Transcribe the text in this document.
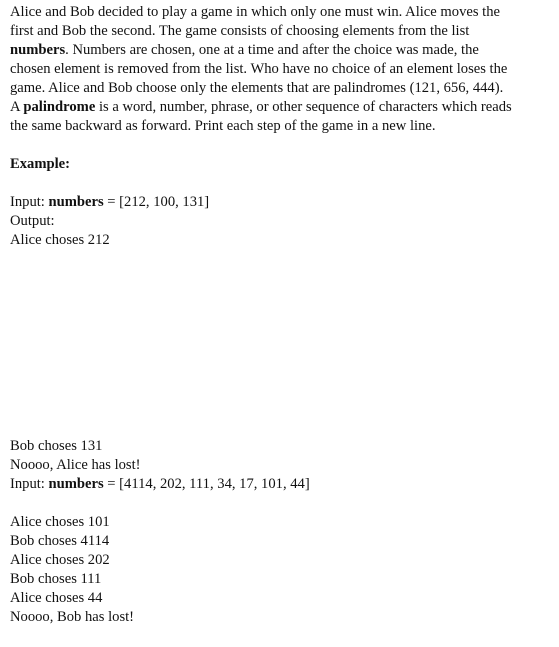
Alice and Bob decided to play a game in which only one must win. Alice moves the
first and Bob the second. The game consists of choosing elements from the list
numbers. Numbers are chosen, one at a time and after the choice was made, the
chosen element is removed from the list. Who have no choice of an element loses the
game. Alice and Bob choose only the elements that are palindromes (121, 656, 444).
A palindrome is a word, number, phrase, or other sequence of characters which reads
the same backward as forward. Print each step of the game in a new line.
Example:
Input: numbers = [212, 100, 131]
Output:
Alice choses 212
Bob choses 131
Noooo, Alice has lost!
Input: numbers = [4114, 202, 111, 34, 17, 101, 44]
Alice choses 101
Bob choses 4114
Alice choses 202
Bob choses 111
Alice choses 44
Noooo, Bob has lost!
